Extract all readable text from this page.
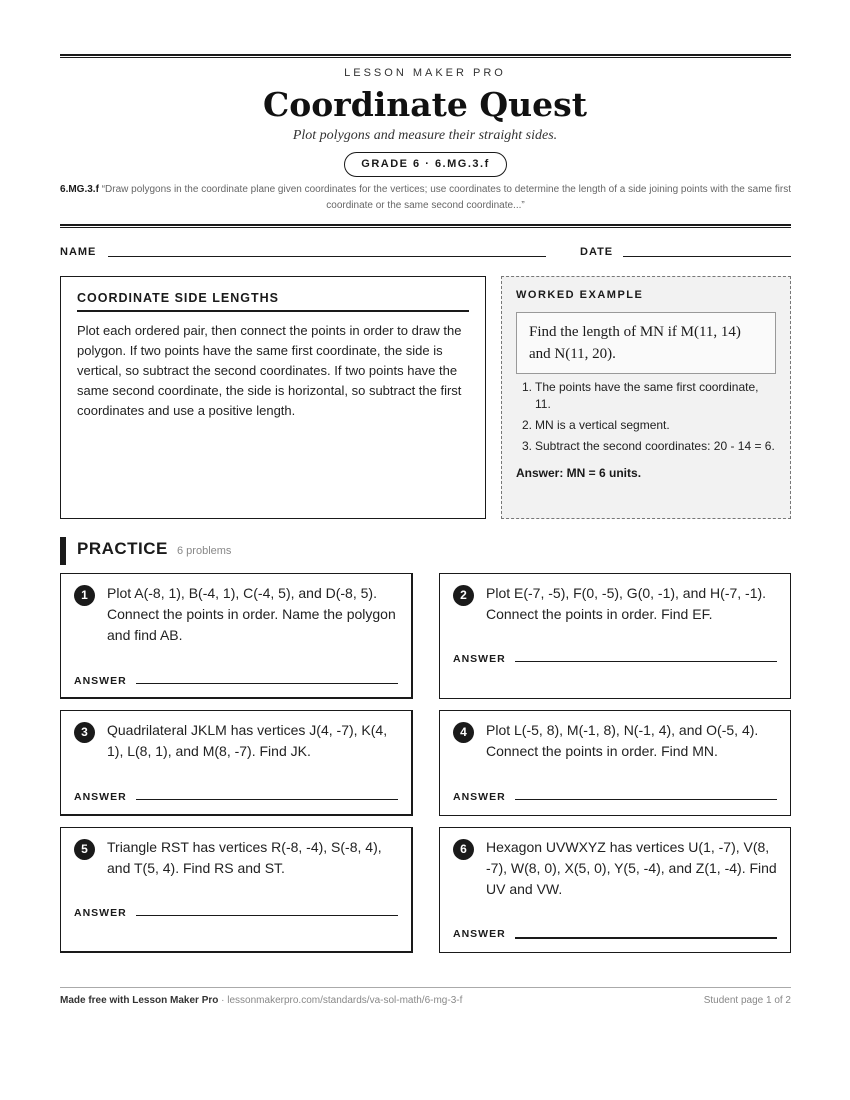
LESSON MAKER PRO
Coordinate Quest
Plot polygons and measure their straight sides.
GRADE 6 · 6.MG.3.f
6.MG.3.f “Draw polygons in the coordinate plane given coordinates for the vertices; use coordinates to determine the length of a side joining points with the same first coordinate or the same second coordinate...”
NAME	DATE
COORDINATE SIDE LENGTHS

Plot each ordered pair, then connect the points in order to draw the polygon. If two points have the same first coordinate, the side is vertical, so subtract the second coordinates. If two points have the same second coordinate, the side is horizontal, so subtract the first coordinates and use a positive length.

WORKED EXAMPLE
Find the length of MN if M(11, 14) and N(11, 20).
1. The points have the same first coordinate, 11.
2. MN is a vertical segment.
3. Subtract the second coordinates: 20 - 14 = 6.
Answer: MN = 6 units.
PRACTICE 6 problems
1	Plot A(-8, 1), B(-4, 1), C(-4, 5), and D(-8, 5). Connect the points in order. Name the polygon and find AB.
ANSWER
2	Plot E(-7, -5), F(0, -5), G(0, -1), and H(-7, -1). Connect the points in order. Find EF.
ANSWER
3	Quadrilateral JKLM has vertices J(4, -7), K(4, 1), L(8, 1), and M(8, -7). Find JK.
ANSWER
4	Plot L(-5, 8), M(-1, 8), N(-1, 4), and O(-5, 4). Connect the points in order. Find MN.
ANSWER
5	Triangle RST has vertices R(-8, -4), S(-8, 4), and T(5, 4). Find RS and ST.
ANSWER
6	Hexagon UVWXYZ has vertices U(1, -7), V(8, -7), W(8, 0), X(5, 0), Y(5, -4), and Z(1, -4). Find UV and VW.
ANSWER
Made free with Lesson Maker Pro · lessonmakerpro.com/standards/va-sol-math/6-mg-3-f	Student page 1 of 2
